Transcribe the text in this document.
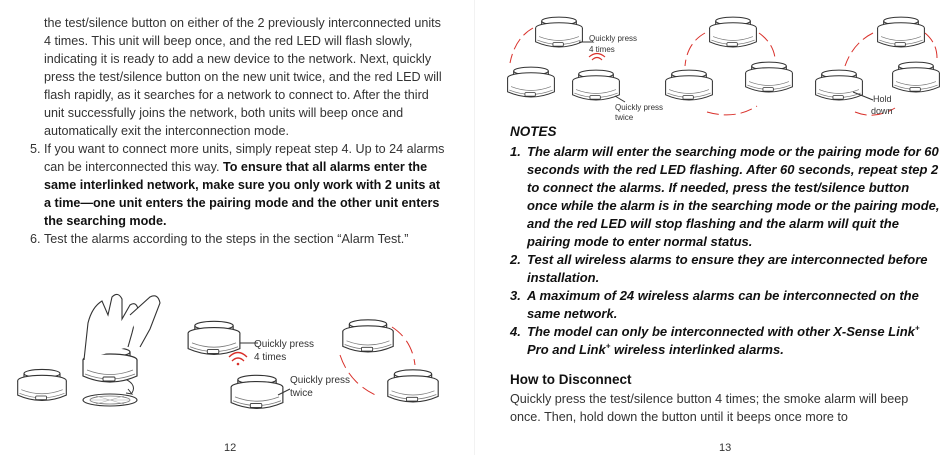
the test/silence button on either of the 2 previously interconnected units 4 times. This unit will beep once, and the red LED will flash slowly, indicating it is ready to add a new device to the network. Next, quickly press the test/silence button on the new unit twice, and the red LED will flash rapidly, as it searches for a network to connect to. After the third unit successfully joins the network, both units will beep once and automatically exit the interconnection mode.

5. If you want to connect more units, simply repeat step 4. Up to 24 alarms can be interconnected this way. To ensure that all alarms enter the same interlinked network, make sure you only work with 2 units at a time—one unit enters the pairing mode and the other unit enters the searching mode.
6. Test the alarms according to the steps in the section “Alarm Test.”
Quickly press
4 times
Quickly press
twice
12
Quickly press
4 times
Quickly press
twice
Hold
down
NOTES

1. The alarm will enter the searching mode or the pairing mode for 60 seconds with the red LED flashing. After 60 seconds, repeat step 2 to connect the alarms. If needed, press the test/silence button once while the alarm is in the searching mode or the pairing mode, and the red LED will stop flashing and the alarm will quit the pairing mode to enter normal status.

2. Test all wireless alarms to ensure they are interconnected before installation.

3. A maximum of 24 wireless alarms can be interconnected on the same network.

4. The model can only be interconnected with other X-Sense Link+ Pro and Link+ wireless interlinked alarms.

How to Disconnect

Quickly press the test/silence button 4 times; the smoke alarm will beep once. Then, hold down the button until it beeps once more to

13
